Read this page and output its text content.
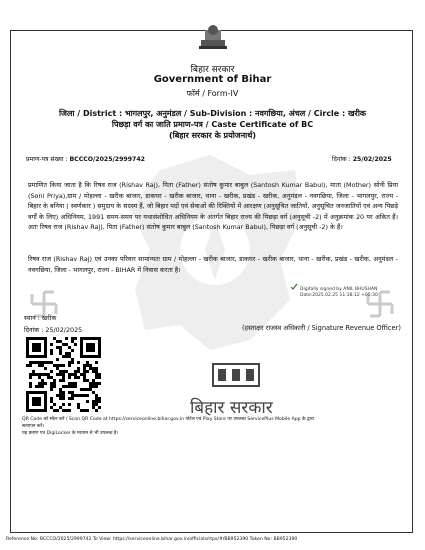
बिहार सरकार
Government of Bihar
फॉर्म / Form-IV
जिला / District : भागलपुर, अनुमंडल / Sub-Division : नवगछिया, अंचल / Circle : खरीक
पिछड़ा वर्ग का जाति प्रमाण-पत्र / Caste Certificate of BC
(बिहार सरकार के प्रयोजनार्थ)
प्रमाण-पत्र संख्या : BCCCO/2025/2999742	दिनांक : 25/02/2025
प्रमाणित किया जाता है कि रिषव राज (Rishav Raj), पिता (Father) संतोष कुमार बाबुल (Santosh Kumar Babul), माता (Mother) सोनी प्रिया (Soni Priya),ग्राम / मोहल्ला - खरीक बाजार, डाकघर - खरीक बाजार, थाना - खरीक, प्रखंड - खरीक, अनुमंडल - नवगछिया, जिला - भागलपुर, राज्य - बिहार के बनिया ( स्वर्णकार ) समुदाय के सदस्य हैं, जो बिहार पदों एवं सेवाओं की रिक्तियों में आरक्षण (अनुसूचित जातियों, अनुसूचित जनजातियों एवं अन्य पिछड़े वर्गों के लिए) अधिनियम, 1991 समय-समय पर यथासंशोधित अधिनियम के अंतर्गत बिहार राज्य की पिछड़ा वर्ग (अनुसूची -2) में अनुक्रमांक 20 पर अंकित हैं। अतः रिषव राज (Rishav Raj), पिता (Father) संतोष कुमार बाबुल (Santosh Kumar Babul), पिछड़ा वर्ग (अनुसूची -2) के हैं।
रिषव राज (Rishav Raj) एवं उनका परिवार सामान्यतः ग्राम / मोहल्ला - खरीक बाजार, डाकघर - खरीक बाजार, थाना - खरीक, प्रखंड - खरीक, अनुमंडल - नवगछिया, जिला - भागलपुर, राज्य - BIHAR में निवास करता है।
Digitally signed by ANIL BHUSHAN
Date:2025.02.25 11:38:12 +05:30
स्थान : खरीक
दिनांक : 25/02/2025	(हस्ताक्षर राजस्व अधिकारी / Signature Revenue Officer)
बिहार सरकार
QR Code को स्कैन करें / Scan QR Code at https://serviceonline.bihar.gov.in पोर्टल एवं Play Store पर उपलब्ध ServicePlus Mobile App के द्वारा
सत्यापन करें।
यह प्रमाण पत्र DigiLocker के माध्यम से भी उपलब्ध है।
Reference No: BCCCO/2025/2999742 To View: https://serviceonline.bihar.gov.in/officials/rtps/#/BB952390 Token No: BB952390
